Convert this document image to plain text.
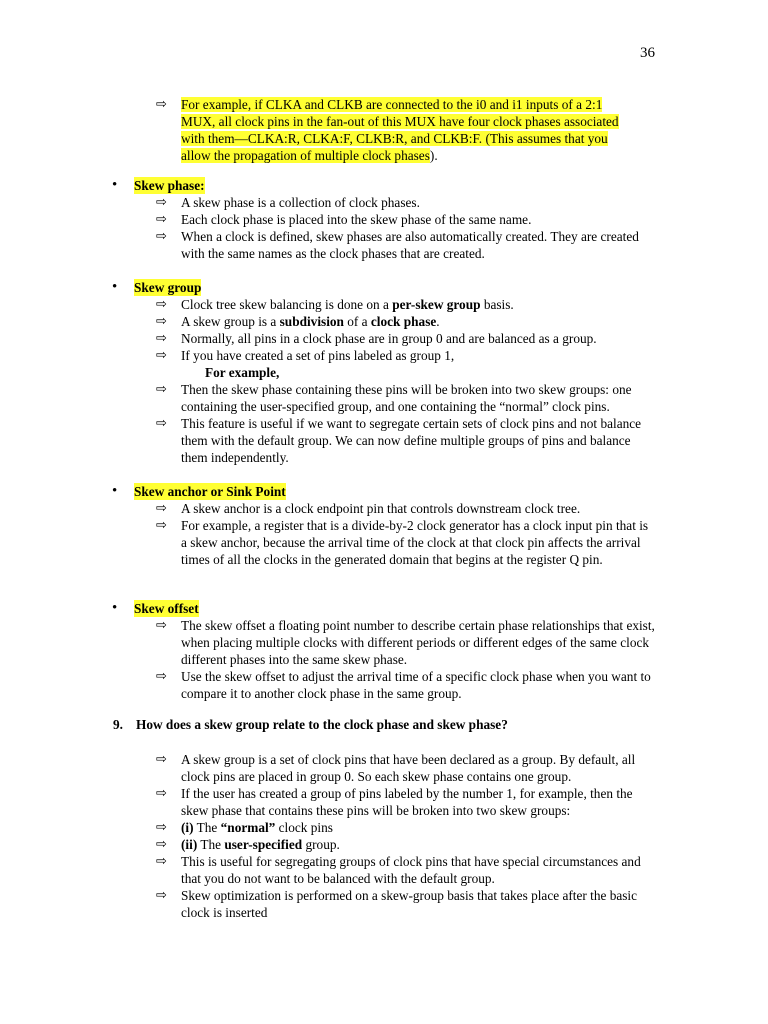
36
⇨ For example, if CLKA and CLKB are connected to the i0 and i1 inputs of a 2:1
MUX, all clock pins in the fan-out of this MUX have four clock phases associated
with them—CLKA:R, CLKA:F, CLKB:R, and CLKB:F. (This assumes that you
allow the propagation of multiple clock phases).
• Skew phase:
⇨ A skew phase is a collection of clock phases.
⇨ Each clock phase is placed into the skew phase of the same name.
⇨ When a clock is defined, skew phases are also automatically created. They are created with the same names as the clock phases that are created.
• Skew group
⇨ Clock tree skew balancing is done on a per-skew group basis.
⇨ A skew group is a subdivision of a clock phase.
⇨ Normally, all pins in a clock phase are in group 0 and are balanced as a group.
⇨ If you have created a set of pins labeled as group 1,
For example,
⇨ Then the skew phase containing these pins will be broken into two skew groups: one containing the user-specified group, and one containing the “normal” clock pins.
⇨ This feature is useful if we want to segregate certain sets of clock pins and not balance them with the default group. We can now define multiple groups of pins and balance them independently.
• Skew anchor or Sink Point
⇨ A skew anchor is a clock endpoint pin that controls downstream clock tree.
⇨ For example, a register that is a divide-by-2 clock generator has a clock input pin that is a skew anchor, because the arrival time of the clock at that clock pin affects the arrival times of all the clocks in the generated domain that begins at the register Q pin.
• Skew offset
⇨ The skew offset a floating point number to describe certain phase relationships that exist, when placing multiple clocks with different periods or different edges of the same clock different phases into the same skew phase.
⇨ Use the skew offset to adjust the arrival time of a specific clock phase when you want to compare it to another clock phase in the same group.
9. How does a skew group relate to the clock phase and skew phase?
⇨ A skew group is a set of clock pins that have been declared as a group. By default, all clock pins are placed in group 0. So each skew phase contains one group.
⇨ If the user has created a group of pins labeled by the number 1, for example, then the skew phase that contains these pins will be broken into two skew groups:
⇨ (i) The “normal” clock pins
⇨ (ii) The user-specified group.
⇨ This is useful for segregating groups of clock pins that have special circumstances and that you do not want to be balanced with the default group.
⇨ Skew optimization is performed on a skew-group basis that takes place after the basic clock is inserted
